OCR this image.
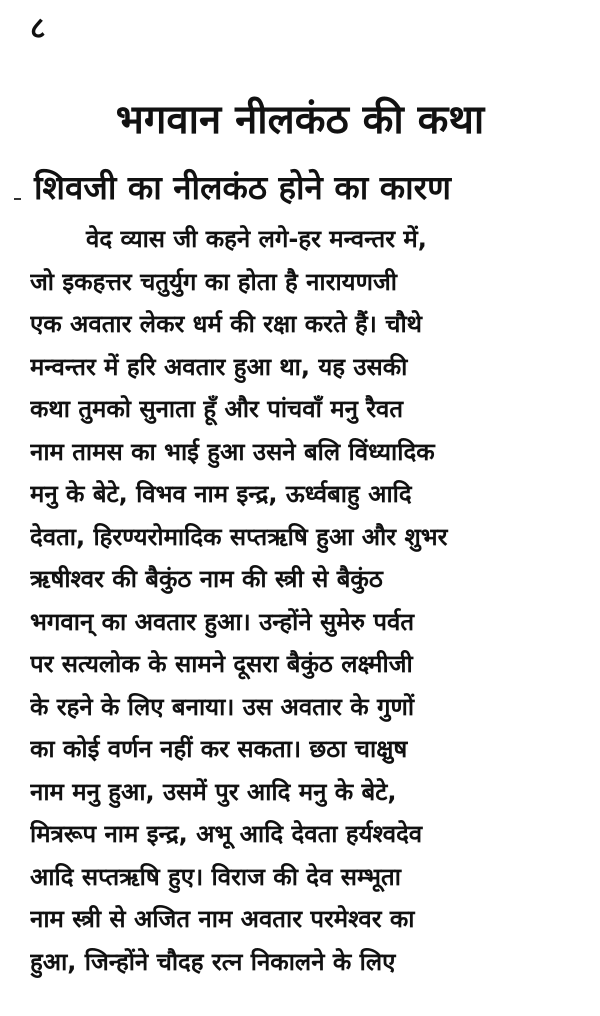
८
भगवान नीलकंठ की कथा
शिवजी का नीलकंठ होने का कारण
वेद व्यास जी कहने लगे-हर मन्वन्तर में,
जो इकहत्तर चतुर्युग का होता है नारायणजी
एक अवतार लेकर धर्म की रक्षा करते हैं। चौथे
मन्वन्तर में हरि अवतार हुआ था, यह उसकी
कथा तुमको सुनाता हूँ और पांचवाँ मनु रैवत
नाम तामस का भाई हुआ उसने बलि विंध्यादिक
मनु के बेटे, विभव नाम इन्द्र, ऊर्ध्वबाहु आदि
देवता, हिरण्यरोमादिक सप्तऋषि हुआ और शुभर
ऋषीश्वर की बैकुंठ नाम की स्त्री से बैकुंठ
भगवान् का अवतार हुआ। उन्होंने सुमेरु पर्वत
पर सत्यलोक के सामने दूसरा बैकुंठ लक्ष्मीजी
के रहने के लिए बनाया। उस अवतार के गुणों
का कोई वर्णन नहीं कर सकता। छठा चाक्षुष
नाम मनु हुआ, उसमें पुर आदि मनु के बेटे,
मित्ररूप नाम इन्द्र, अभू आदि देवता हर्यश्वदेव
आदि सप्तऋषि हुए। विराज की देव सम्भूता
नाम स्त्री से अजित नाम अवतार परमेश्वर का
हुआ, जिन्होंने चौदह रत्न निकालने के लिए
